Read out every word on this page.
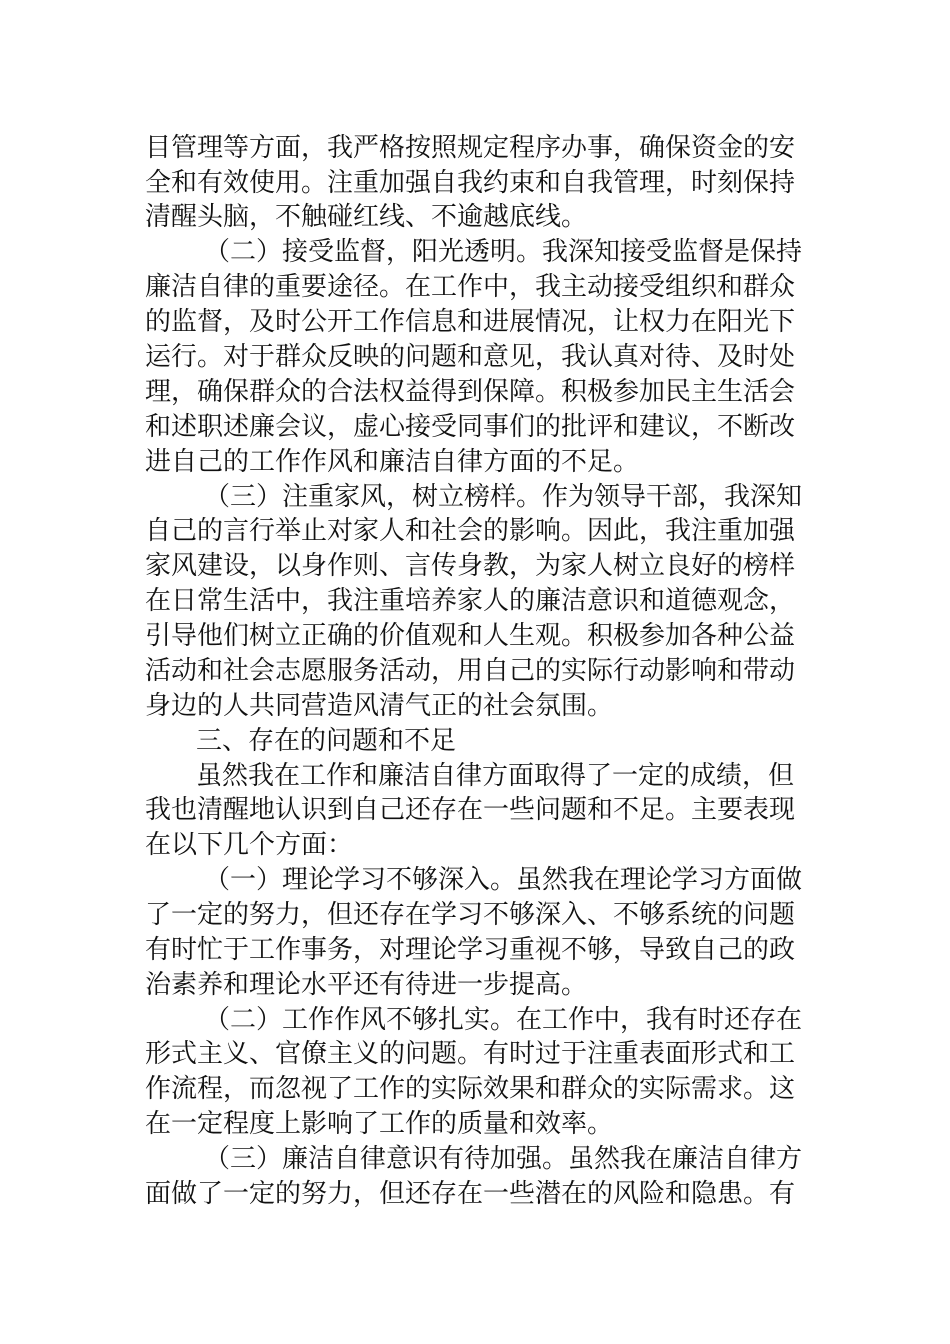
目管理等方面，我严格按照规定程序办事，确保资金的安
全和有效使用。注重加强自我约束和自我管理，时刻保持
清醒头脑，不触碰红线、不逾越底线。
（二）接受监督，阳光透明。我深知接受监督是保持
廉洁自律的重要途径。在工作中，我主动接受组织和群众
的监督，及时公开工作信息和进展情况，让权力在阳光下
运行。对于群众反映的问题和意见，我认真对待、及时处
理，确保群众的合法权益得到保障。积极参加民主生活会
和述职述廉会议，虚心接受同事们的批评和建议，不断改
进自己的工作作风和廉洁自律方面的不足。
（三）注重家风，树立榜样。作为领导干部，我深知
自己的言行举止对家人和社会的影响。因此，我注重加强
家风建设，以身作则、言传身教，为家人树立良好的榜样
在日常生活中，我注重培养家人的廉洁意识和道德观念，
引导他们树立正确的价值观和人生观。积极参加各种公益
活动和社会志愿服务活动，用自己的实际行动影响和带动
身边的人共同营造风清气正的社会氛围。
三、存在的问题和不足
虽然我在工作和廉洁自律方面取得了一定的成绩，但
我也清醒地认识到自己还存在一些问题和不足。主要表现
在以下几个方面：
（一）理论学习不够深入。虽然我在理论学习方面做
了一定的努力，但还存在学习不够深入、不够系统的问题
有时忙于工作事务，对理论学习重视不够，导致自己的政
治素养和理论水平还有待进一步提高。
（二）工作作风不够扎实。在工作中，我有时还存在
形式主义、官僚主义的问题。有时过于注重表面形式和工
作流程，而忽视了工作的实际效果和群众的实际需求。这
在一定程度上影响了工作的质量和效率。
（三）廉洁自律意识有待加强。虽然我在廉洁自律方
面做了一定的努力，但还存在一些潜在的风险和隐患。有
